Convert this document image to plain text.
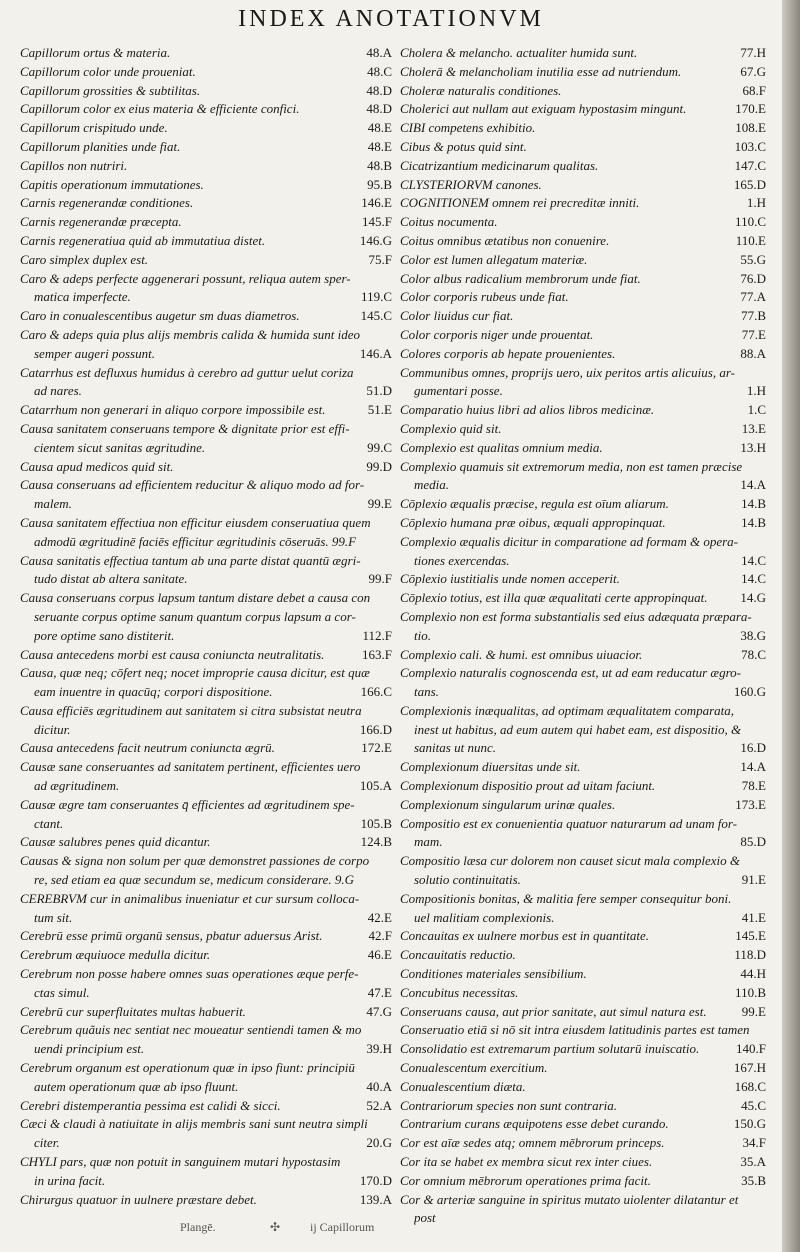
INDEX ANOTATIONVM
Capillorum ortus & materia.	48.A
Capillorum color unde proueniat.	48.C
Capillorum grossities & subtilitas.	48.D
Capillorum color ex eius materia & efficiente confici.	48.D
Capillorum crispitudo unde.	48.E
Capillorum planities unde fiat.	48.E
Capillos non nutriri.	48.B
Capitis operationum immutationes.	95.B
Carnis regenerandæ conditiones.	146.E
Carnis regenerandæ præcepta.	145.F
Carnis regeneratiua quid ab immutatiua distet.	146.G
Caro simplex duplex est.	75.F
Caro & adeps perfecte aggenerari possunt, reliqua autem sper-
matica imperfecte.	119.C
Caro in conualescentibus augetur sm duas diametros.	145.C
Caro & adeps quia plus alijs membris calida & humida sunt ideo
semper augeri possunt.	146.A
Catarrhus est defluxus humidus à cerebro ad guttur uelut coriza
ad nares.	51.D
Catarrhum non generari in aliquo corpore impossibile est.	51.E
Causa sanitatem conseruans tempore & dignitate prior est effi-
cientem sicut sanitas ægritudine.	99.C
Causa apud medicos quid sit.	99.D
Causa conseruans ad efficientem reducitur & aliquo modo ad for-
malem.	99.E
Causa sanitatem effectiua non efficitur eiusdem conseruatiua quem
admodū ægritudinē faciēs efficitur ægritudinis cōseruās. 99.F
Causa sanitatis effectiua tantum ab una parte distat quantū ægri-
tudo distat ab altera sanitate.	99.F
Causa conseruans corpus lapsum tantum distare debet a causa con
seruante corpus optime sanum quantum corpus lapsum a cor-
pore optime sano distiterit.	112.F
Causa antecedens morbi est causa coniuncta neutralitatis.	163.F
Causa, quæ neq; cōfert neq; nocet improprie causa dicitur, est quæ
eam inuentre in quacūq; corpori dispositione.	166.C
Causa efficiēs ægritudinem aut sanitatem si citra subsistat neutra
dicitur.	166.D
Causa antecedens facit neutrum coniuncta ægrū.	172.E
Causæ sane conseruantes ad sanitatem pertinent, efficientes uero
ad ægritudinem.	105.A
Causæ ægre tam conseruantes q̄ efficientes ad ægritudinem spe-
ctant.	105.B
Causæ salubres penes quid dicantur.	124.B
Causas & signa non solum per quæ demonstret passiones de corpo
re, sed etiam ea quæ secundum se, medicum considerare. 9.G
CEREBRVM cur in animalibus inueniatur et cur sursum colloca-
tum sit.	42.E
Cerebrū esse primū organū sensus, pbatur aduersus Arist.	42.F
Cerebrum æquiuoce medulla dicitur.	46.E
Cerebrum non posse habere omnes suas operationes æque perfe-
ctas simul.	47.E
Cerebrū cur superfluitates multas habuerit.	47.G
Cerebrum quãuis nec sentiat nec moueatur sentiendi tamen & mo
uendi principium est.	39.H
Cerebrum organum est operationum quæ in ipso fiunt: principiū
autem operationum quæ ab ipso fluunt.	40.A
Cerebri distemperantia pessima est calidi & sicci.	52.A
Cæci & claudi à natiuitate in alijs membris sani sunt neutra simpli
citer.	20.G
CHYLI pars, quæ non potuit in sanguinem mutari hypostasim
in urina facit.	170.D
Chirurgus quatuor in uulnere præstare debet.	139.A
Cholera & melancho. actualiter humida sunt.	77.H
Cholerā & melancholiam inutilia esse ad nutriendum.	67.G
Choleræ naturalis conditiones.	68.F
Cholerici aut nullam aut exiguam hypostasim mingunt.	170.E
CIBI competens exhibitio.	108.E
Cibus & potus quid sint.	103.C
Cicatrizantium medicinarum qualitas.	147.C
CLYSTERIORVM canones.	165.D
COGNITIONEM omnem rei precreditæ inniti.	1.H
Coitus nocumenta.	110.C
Coitus omnibus ætatibus non conuenire.	110.E
Color est lumen allegatum materiæ.	55.G
Color albus radicalium membrorum unde fiat.	76.D
Color corporis rubeus unde fiat.	77.A
Color liuidus cur fiat.	77.B
Color corporis niger unde prouentat.	77.E
Colores corporis ab hepate prouenientes.	88.A
Communibus omnes, proprijs uero, uix peritos artis alicuius, ar-
gumentari posse.	1.H
Comparatio huius libri ad alios libros medicinæ.	1.C
Complexio quid sit.	13.E
Complexio est qualitas omnium media.	13.H
Complexio quamuis sit extremorum media, non est tamen præcise
media.	14.A
Cōplexio æqualis præcise, regula est oīum aliarum.	14.B
Cōplexio humana præ oibus, æquali appropinquat.	14.B
Complexio æqualis dicitur in comparatione ad formam & opera-
tiones exercendas.	14.C
Cōplexio iustitialis unde nomen acceperit.	14.C
Cōplexio totius, est illa quæ æqualitati certe appropinquat.	14.G
Complexio non est forma substantialis sed eius adæquata præpara-
tio.	38.G
Complexio cali. & humi. est omnibus uiuacior.	78.C
Complexio naturalis cognoscenda est, ut ad eam reducatur ægro-
tans.	160.G
Complexionis inæqualitas, ad optimam æqualitatem comparata,
inest ut habitus, ad eum autem qui habet eam, est dispositio, &
sanitas ut nunc.	16.D
Complexionum diuersitas unde sit.	14.A
Complexionum dispositio prout ad uitam faciunt.	78.E
Complexionum singularum urinæ quales.	173.E
Compositio est ex conuenientia quatuor naturarum ad unam for-
mam.	85.D
Compositio læsa cur dolorem non causet sicut mala complexio &
solutio continuitatis.	91.E
Compositionis bonitas, & malitia fere semper consequitur boni.
uel malitiam complexionis.	41.E
Concauitas ex uulnere morbus est in quantitate.	145.E
Concauitatis reductio.	118.D
Conditiones materiales sensibilium.	44.H
Concubitus necessitas.	110.B
Conseruans causa, aut prior sanitate, aut simul natura est.	99.E
Conseruatio etiā si nō sit intra eiusdem latitudinis partes est tamen
Consolidatio est extremarum partium solutarū inuiscatio.	140.F
Conualescentum exercitium.	167.H
Conualescentium diæta.	168.C
Contrariorum species non sunt contraria.	45.C
Contrarium curans æquipotens esse debet curando.	150.G
Cor est aīæ sedes atq; omnem mēbrorum princeps.	34.F
Cor ita se habet ex membra sicut rex inter ciues.	35.A
Cor omnium mēbrorum operationes prima facit.	35.B
Cor & arteriæ sanguine in spiritus mutato uiolenter dilatantur et
post
Plangē.	✣ ij Capillorum
